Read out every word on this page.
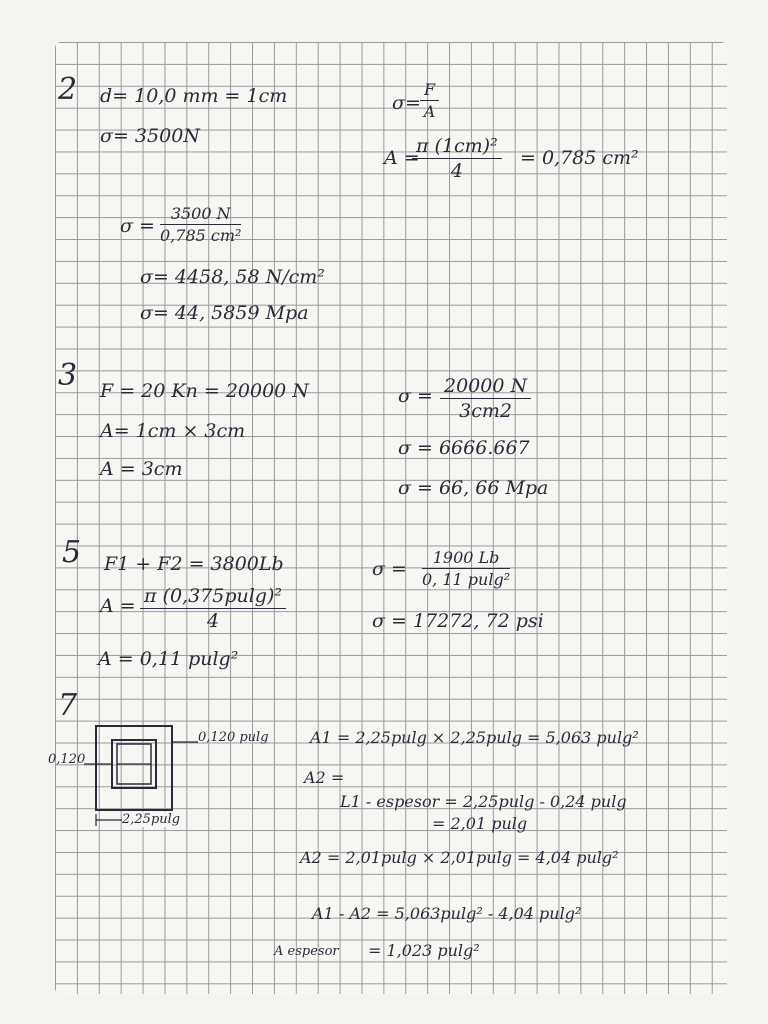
2 d= 10,0 mm = 1cm
σ= 3500N
$\sigma= \frac{F}{A}$
A =
$\frac{\text{π (1cm)²}}{4} = 0,785$ cm²
$\sigma = \frac{3500 N}{\text{0,785 cm²}}$
σ= 4458, 58 N/cm²
σ= 44, 5859 Mpa
3 F = 20 Kn = 20000 N
A= 1cm × 3cm
A = 3cm
$\sigma = \frac{20000 N}{3cm2}$
σ = 6666.667
σ = 66, 66 Mpa
5 F1 + F2 = 3800Lb
$A = \frac{\text{π (0,375pulg)²}}{4}$
A = 0,11 pulg²
$\sigma = \frac{1900 Lb}{\text{0, 11 pulg²}}$
σ = 17272, 72 psi
7
0,120 pulg
0,120
2,25pulg
A1 = 2,25pulg × 2,25pulg = 5,063 pulg²
A2 =
L1 - espesor = 2,25pulg - 0,24 pulg
= 2,01 pulg
A2 = 2,01pulg × 2,01pulg = 4,04 pulg²
A1 - A2 = 5,063pulg² - 4,04 pulg²
A espesor = 1,023 pulg²
